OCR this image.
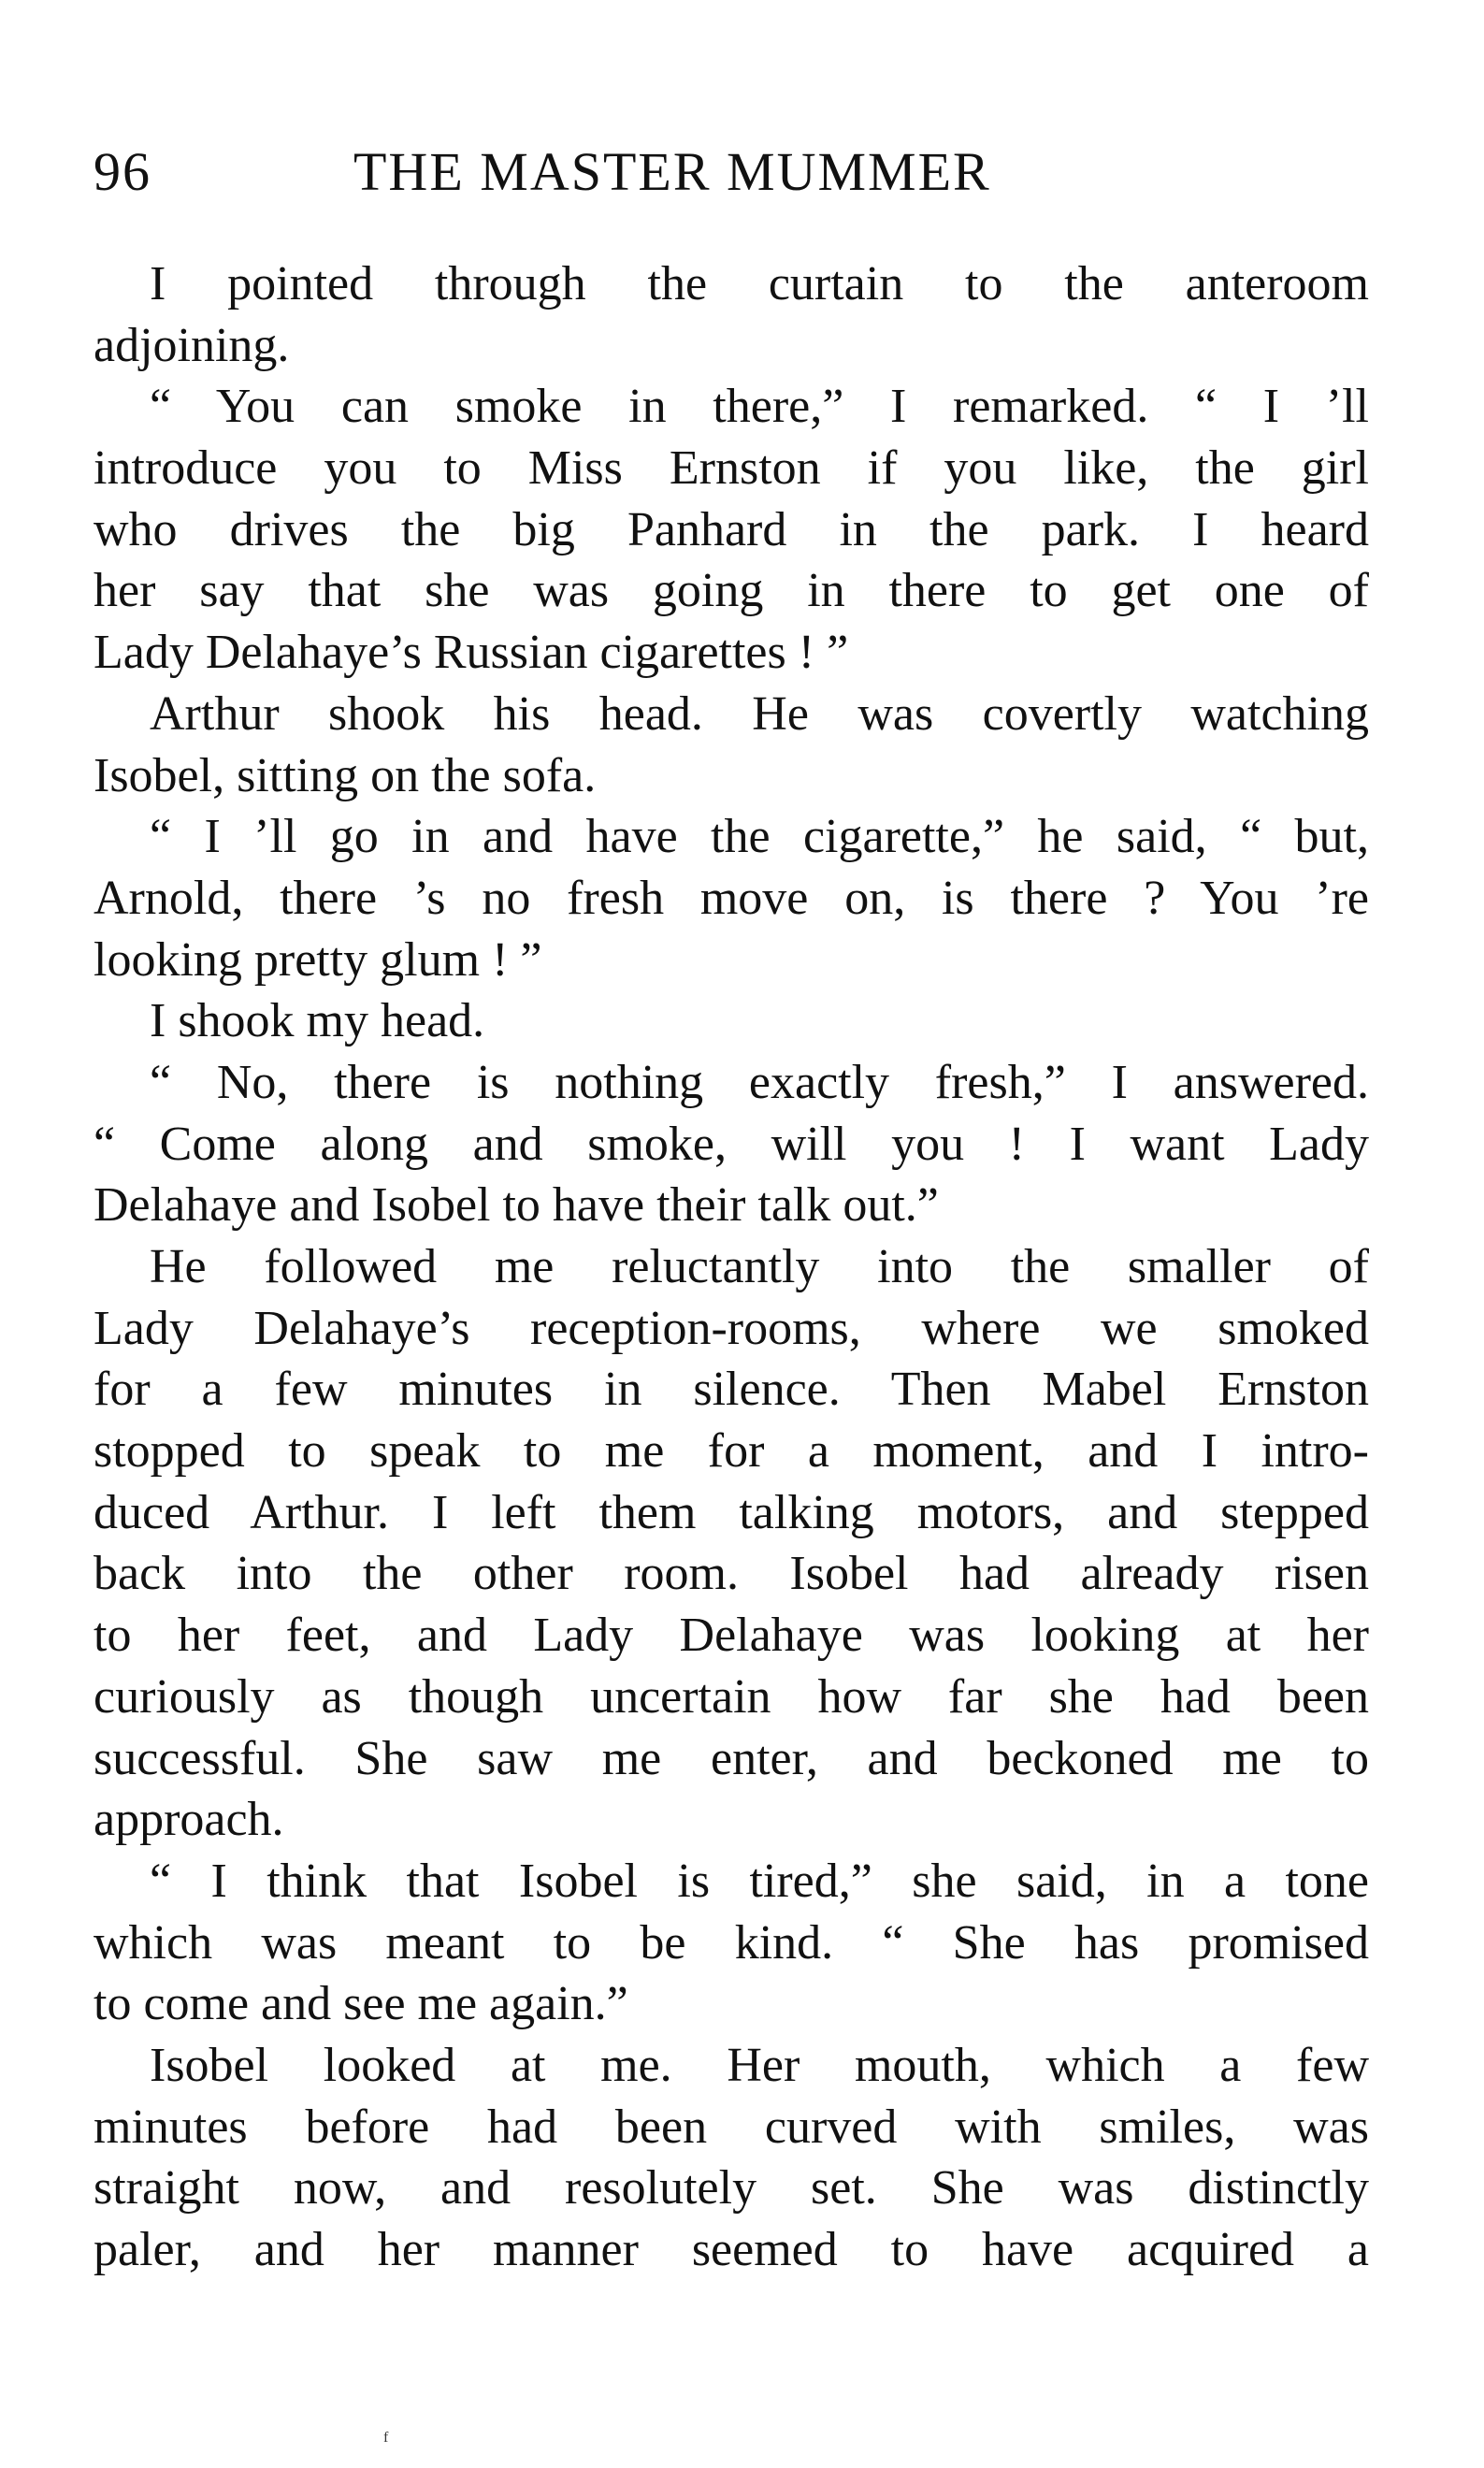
96	THE MASTER MUMMER
I pointed through the curtain to the anteroom
adjoining.
“ You can smoke in there,” I remarked. “ I ’ll
introduce you to Miss Ernston if you like, the girl
who drives the big Panhard in the park. I heard
her say that she was going in there to get one of
Lady Delahaye’s Russian cigarettes ! ”
Arthur shook his head. He was covertly watching
Isobel, sitting on the sofa.
“ I ’ll go in and have the cigarette,” he said, “ but,
Arnold, there ’s no fresh move on, is there ? You ’re
looking pretty glum ! ”
I shook my head.
“ No, there is nothing exactly fresh,” I answered.
“ Come along and smoke, will you ! I want Lady
Delahaye and Isobel to have their talk out.”
He followed me reluctantly into the smaller of
Lady Delahaye’s reception-rooms, where we smoked
for a few minutes in silence. Then Mabel Ernston
stopped to speak to me for a moment, and I intro-
duced Arthur. I left them talking motors, and stepped
back into the other room. Isobel had already risen
to her feet, and Lady Delahaye was looking at her
curiously as though uncertain how far she had been
successful. She saw me enter, and beckoned me to
approach.
“ I think that Isobel is tired,” she said, in a tone
which was meant to be kind. “ She has promised
to come and see me again.”
Isobel looked at me. Her mouth, which a few
minutes before had been curved with smiles, was
straight now, and resolutely set. She was distinctly
paler, and her manner seemed to have acquired a
f
